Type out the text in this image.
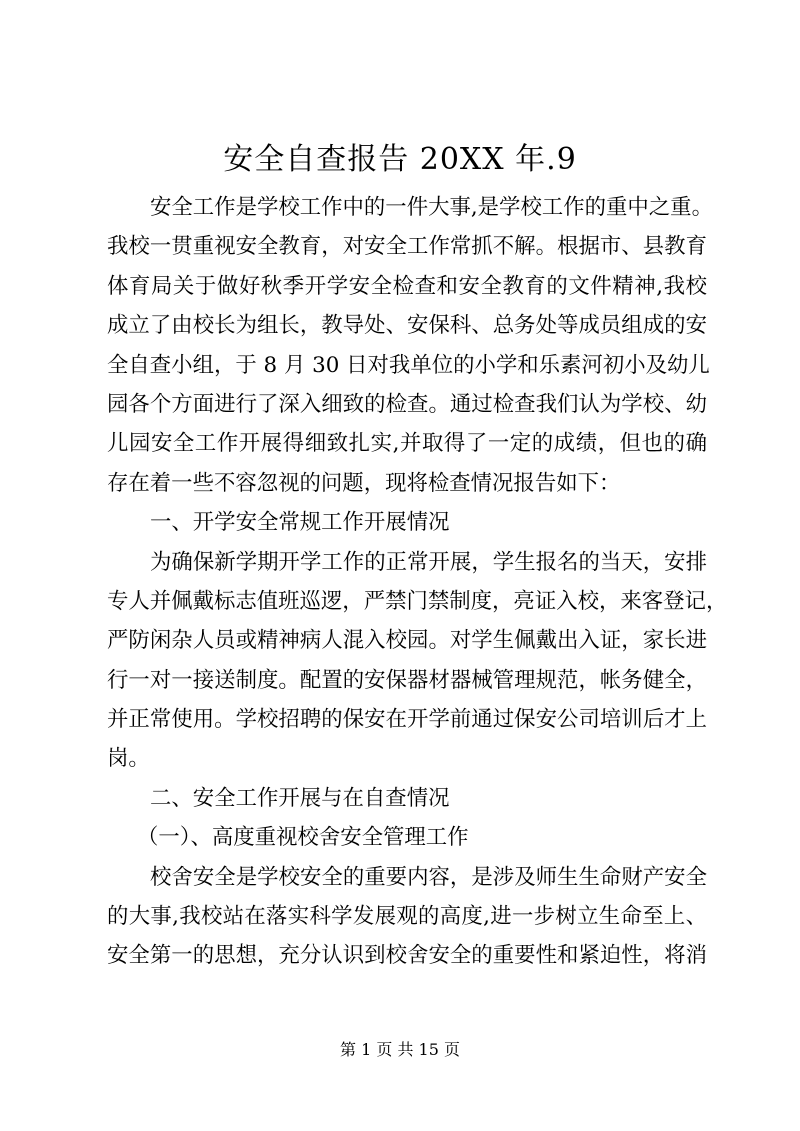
安全自查报告 20XX 年.9
安全工作是学校工作中的一件大事,是学校工作的重中之重。
我校一贯重视安全教育，对安全工作常抓不解。根据市、县教育
体育局关于做好秋季开学安全检查和安全教育的文件精神,我校
成立了由校长为组长，教导处、安保科、总务处等成员组成的安
全自查小组，于 8 月 30 日对我单位的小学和乐素河初小及幼儿
园各个方面进行了深入细致的检查。通过检查我们认为学校、幼
儿园安全工作开展得细致扎实,并取得了一定的成绩，但也的确
存在着一些不容忽视的问题，现将检查情况报告如下：
一、开学安全常规工作开展情况
为确保新学期开学工作的正常开展，学生报名的当天，安排
专人并佩戴标志值班巡逻，严禁门禁制度，亮证入校，来客登记，
严防闲杂人员或精神病人混入校园。对学生佩戴出入证，家长进
行一对一接送制度。配置的安保器材器械管理规范，帐务健全，
并正常使用。学校招聘的保安在开学前通过保安公司培训后才上
岗。
二、安全工作开展与在自查情况
（一）、高度重视校舍安全管理工作
校舍安全是学校安全的重要内容，是涉及师生生命财产安全
的大事,我校站在落实科学发展观的高度,进一步树立生命至上、
安全第一的思想，充分认识到校舍安全的重要性和紧迫性，将消
第 1 页 共 15 页
